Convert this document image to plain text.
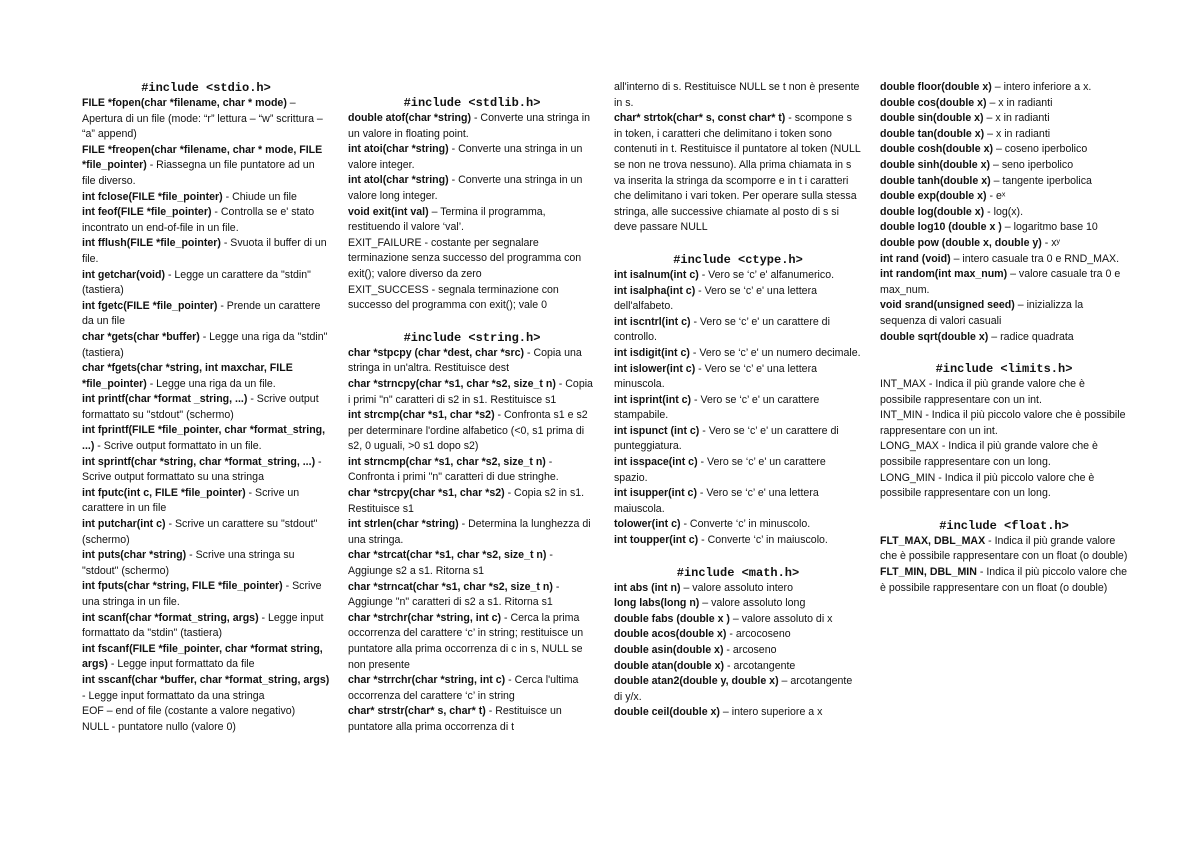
#include <stdio.h>

FILE *fopen(char *filename, char * mode) – Apertura di un file (mode: “r” lettura – “w” scrittura – “a” append)

FILE *freopen(char *filename, char * mode, FILE *file_pointer) - Riassegna un file puntatore ad un file diverso.

int fclose(FILE *file_pointer) - Chiude un file

int feof(FILE *file_pointer) - Controlla se e' stato incontrato un end-of-file in un file.

int fflush(FILE *file_pointer) - Svuota il buffer di un file.

int getchar(void) - Legge un carattere da "stdin" (tastiera)

int fgetc(FILE *file_pointer) - Prende un carattere da un file

char *gets(char *buffer) - Legge una riga da "stdin" (tastiera)

char *fgets(char *string, int maxchar, FILE *file_pointer) - Legge una riga da un file.

int printf(char *format _string, ...) - Scrive output formattato su "stdout" (schermo)

int fprintf(FILE *file_pointer, char *format_string, ...) - Scrive output formattato in un file.

int sprintf(char *string, char *format_string, ...) - Scrive output formattato su una stringa

int fputc(int c, FILE *file_pointer) - Scrive un carattere in un file

int putchar(int c) - Scrive un carattere su "stdout" (schermo)

int puts(char *string) - Scrive una stringa su "stdout" (schermo)

int fputs(char *string, FILE *file_pointer) - Scrive una stringa in un file.

int scanf(char *format_string, args) - Legge input formattato da "stdin" (tastiera)

int fscanf(FILE *file_pointer, char *format string, args) - Legge input formattato da file

int sscanf(char *buffer, char *format_string, args) - Legge input formattato da una stringa

EOF – end of file (costante a valore negativo)

NULL - puntatore nullo (valore 0)

#include <stdlib.h>

double atof(char *string) - Converte una stringa in un valore in floating point.

int atoi(char *string) - Converte una stringa in un valore integer.

int atol(char *string) - Converte una stringa in un valore long integer.

void exit(int val) – Termina il programma, restituendo il valore ‘val’.

EXIT_FAILURE - costante per segnalare terminazione senza successo del programma con exit(); valore diverso da zero

EXIT_SUCCESS - segnala terminazione con successo del programma con exit(); vale 0

#include <string.h>

char *stpcpy (char *dest, char *src) - Copia una stringa in un'altra. Restituisce dest

char *strncpy(char *s1, char *s2, size_t n) - Copia i primi "n" caratteri di s2 in s1. Restituisce s1

int strcmp(char *s1, char *s2) - Confronta s1 e s2 per determinare l'ordine alfabetico (<0, s1 prima di s2, 0 uguali, >0 s1 dopo s2)

int strncmp(char *s1, char *s2, size_t n) - Confronta i primi "n" caratteri di due stringhe.

char *strcpy(char *s1, char *s2) - Copia s2 in s1. Restituisce s1

int strlen(char *string) - Determina la lunghezza di una stringa.

char *strcat(char *s1, char *s2, size_t n) - Aggiunge s2 a s1. Ritorna s1

char *strncat(char *s1, char *s2, size_t n) - Aggiunge "n" caratteri di s2 a s1. Ritorna s1

char *strchr(char *string, int c) - Cerca la prima occorrenza del carattere ‘c’ in string; restituisce un puntatore alla prima occorrenza di c in s, NULL se non presente

char *strrchr(char *string, int c) - Cerca l'ultima occorrenza del carattere ‘c’ in string

char* strstr(char* s, char* t) - Restituisce un puntatore alla prima occorrenza di t

all'interno di s. Restituisce NULL se t non è presente in s.

char* strtok(char* s, const char* t) - scompone s in token, i caratteri che delimitano i token sono contenuti in t. Restituisce il puntatore al token (NULL se non ne trova nessuno). Alla prima chiamata in s va inserita la stringa da scomporre e in t i caratteri che delimitano i vari token. Per operare sulla stessa stringa, alle successive chiamate al posto di s si deve passare NULL

#include <ctype.h>

int isalnum(int c) - Vero se ‘c’ e' alfanumerico.

int isalpha(int c) - Vero se ‘c’ e' una lettera dell'alfabeto.

int iscntrl(int c) - Vero se ‘c’ e' un carattere di controllo.

int isdigit(int c) - Vero se ‘c’ e' un numero decimale.

int islower(int c) - Vero se ‘c’ e' una lettera minuscola.

int isprint(int c) - Vero se ‘c’ e' un carattere stampabile.

int ispunct (int c) - Vero se ‘c’ e' un carattere di punteggiatura.

int isspace(int c) - Vero se ‘c’ e' un carattere spazio.

int isupper(int c) - Vero se ‘c’ e' una lettera maiuscola.

tolower(int c) - Converte ‘c’ in minuscolo.

int toupper(int c) - Converte ‘c’ in maiuscolo.

#include <math.h>

int abs (int n) – valore assoluto intero

long labs(long n) – valore assoluto long

double fabs (double x ) – valore assoluto di x

double acos(double x) - arcocoseno

double asin(double x) - arcoseno

double atan(double x) - arcotangente

double atan2(double y, double x) – arcotangente di y/x.

double ceil(double x) – intero superiore a x

double floor(double x) – intero inferiore a x.

double cos(double x) – x in radianti

double sin(double x) – x in radianti

double tan(double x) – x in radianti

double cosh(double x) – coseno iperbolico

double sinh(double x) – seno iperbolico

double tanh(double x) – tangente iperbolica

double exp(double x) - eˣ

double log(double x) - log(x).

double log10 (double x ) – logaritmo base 10

double pow (double x, double y) - xʸ

int rand (void) – intero casuale tra 0 e RND_MAX.

int random(int max_num) – valore casuale tra 0 e max_num.

void srand(unsigned seed) – inizializza la sequenza di valori casuali

double sqrt(double x) – radice quadrata

#include <limits.h>

INT_MAX - Indica il più grande valore che è possibile rappresentare con un int.

INT_MIN - Indica il più piccolo valore che è possibile rappresentare con un int.

LONG_MAX - Indica il più grande valore che è possibile rappresentare con un long.

LONG_MIN - Indica il più piccolo valore che è possibile rappresentare con un long.

#include <float.h>

FLT_MAX, DBL_MAX - Indica il più grande valore che è possibile rappresentare con un float (o double)

FLT_MIN, DBL_MIN - Indica il più piccolo valore che è possibile rappresentare con un float (o double)
